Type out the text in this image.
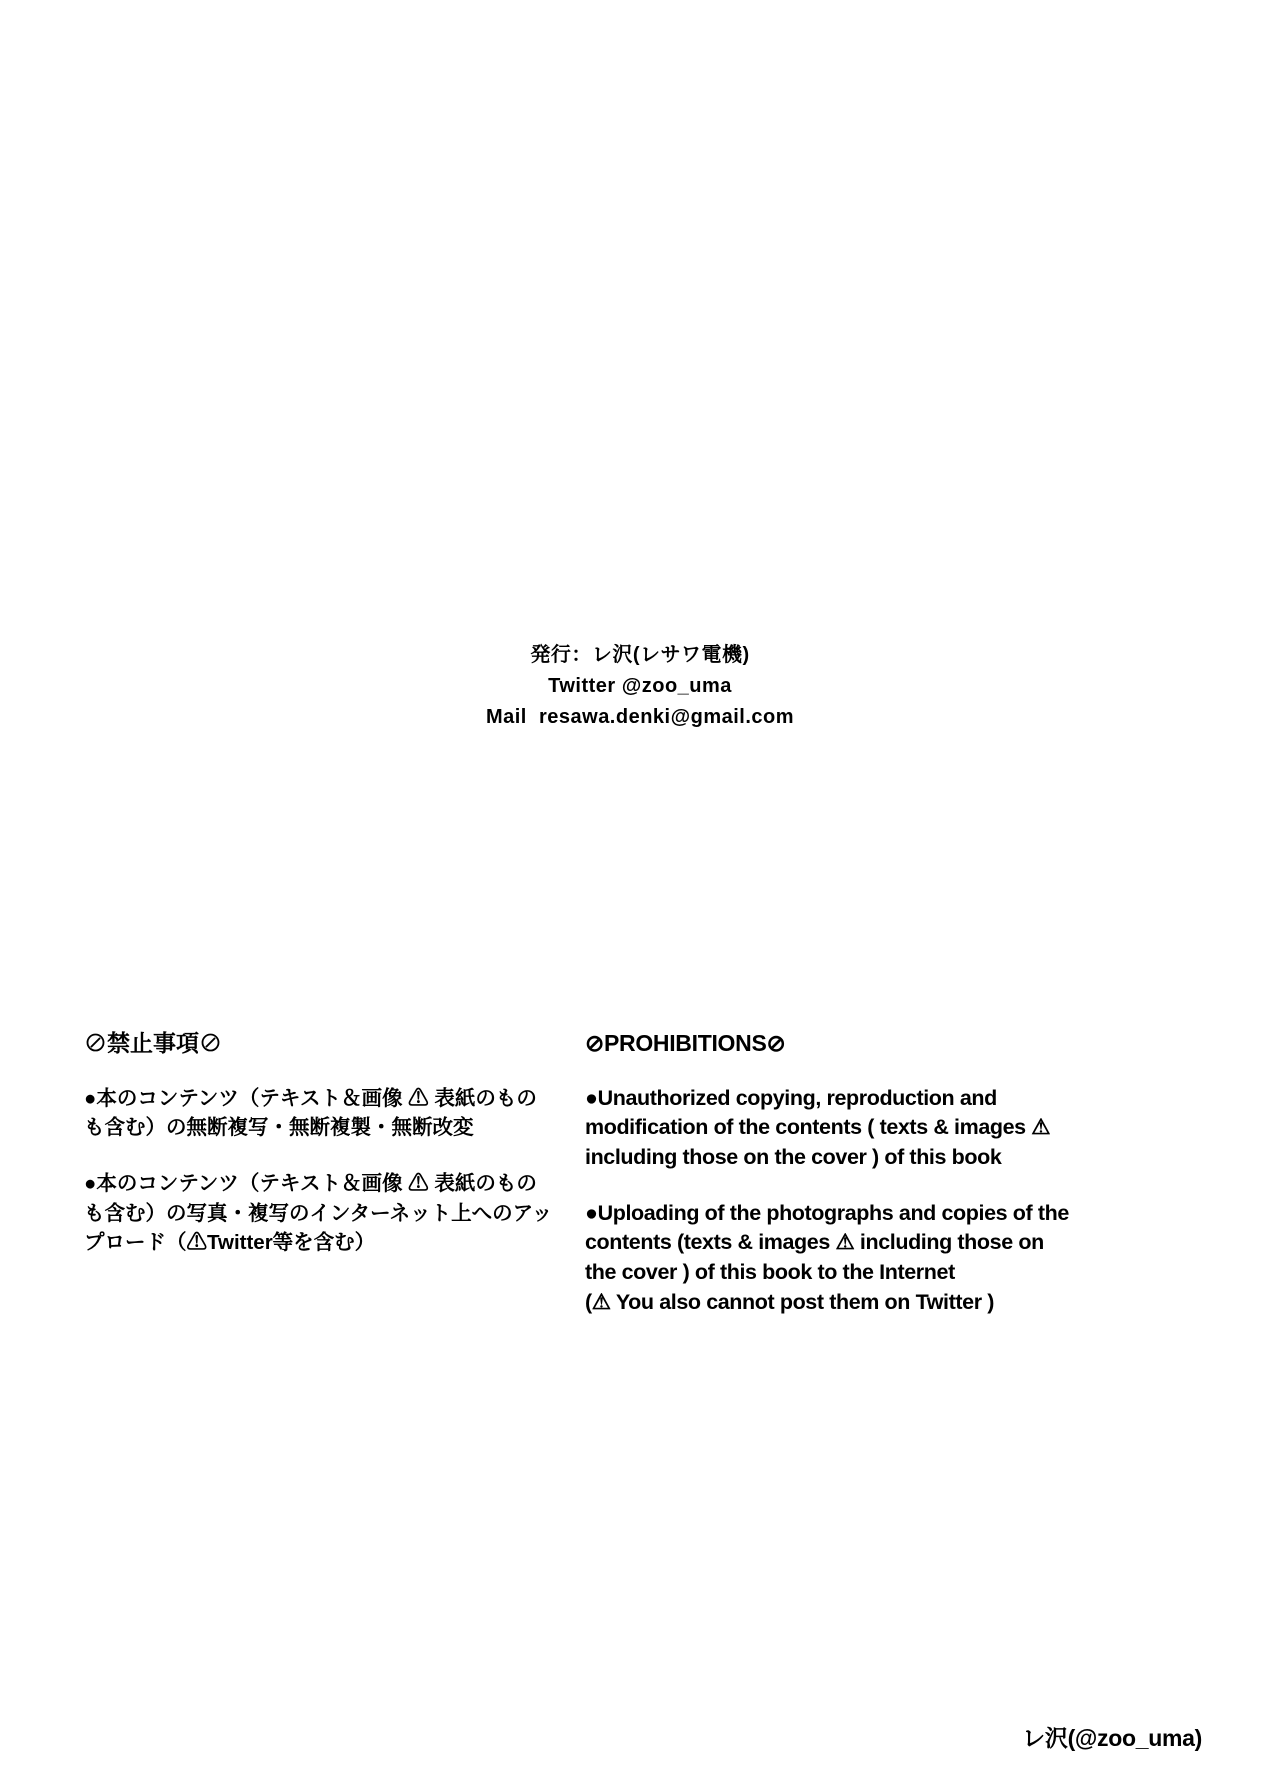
発行：レ沢(レサワ電機)
Twitter @zoo_uma
Mail  resawa.denki@gmail.com
⊘禁止事項⊘

●本のコンテンツ（テキスト＆画像 ⚠ 表紙のものも含む）の無断複写・無断複製・無断改変

●本のコンテンツ（テキスト＆画像 ⚠ 表紙のものも含む）の写真・複写のインターネット上へのアップロード（⚠Twitter等を含む）

⊘PROHIBITIONS⊘

●Unauthorized copying, reproduction and modification of the contents ( texts & images ⚠ including those on the cover ) of this book

●Uploading of the photographs and copies of the contents (texts & images ⚠ including those on the cover ) of this book to the Internet
(⚠ You also cannot post them on Twitter )

レ沢(@zoo_uma)
